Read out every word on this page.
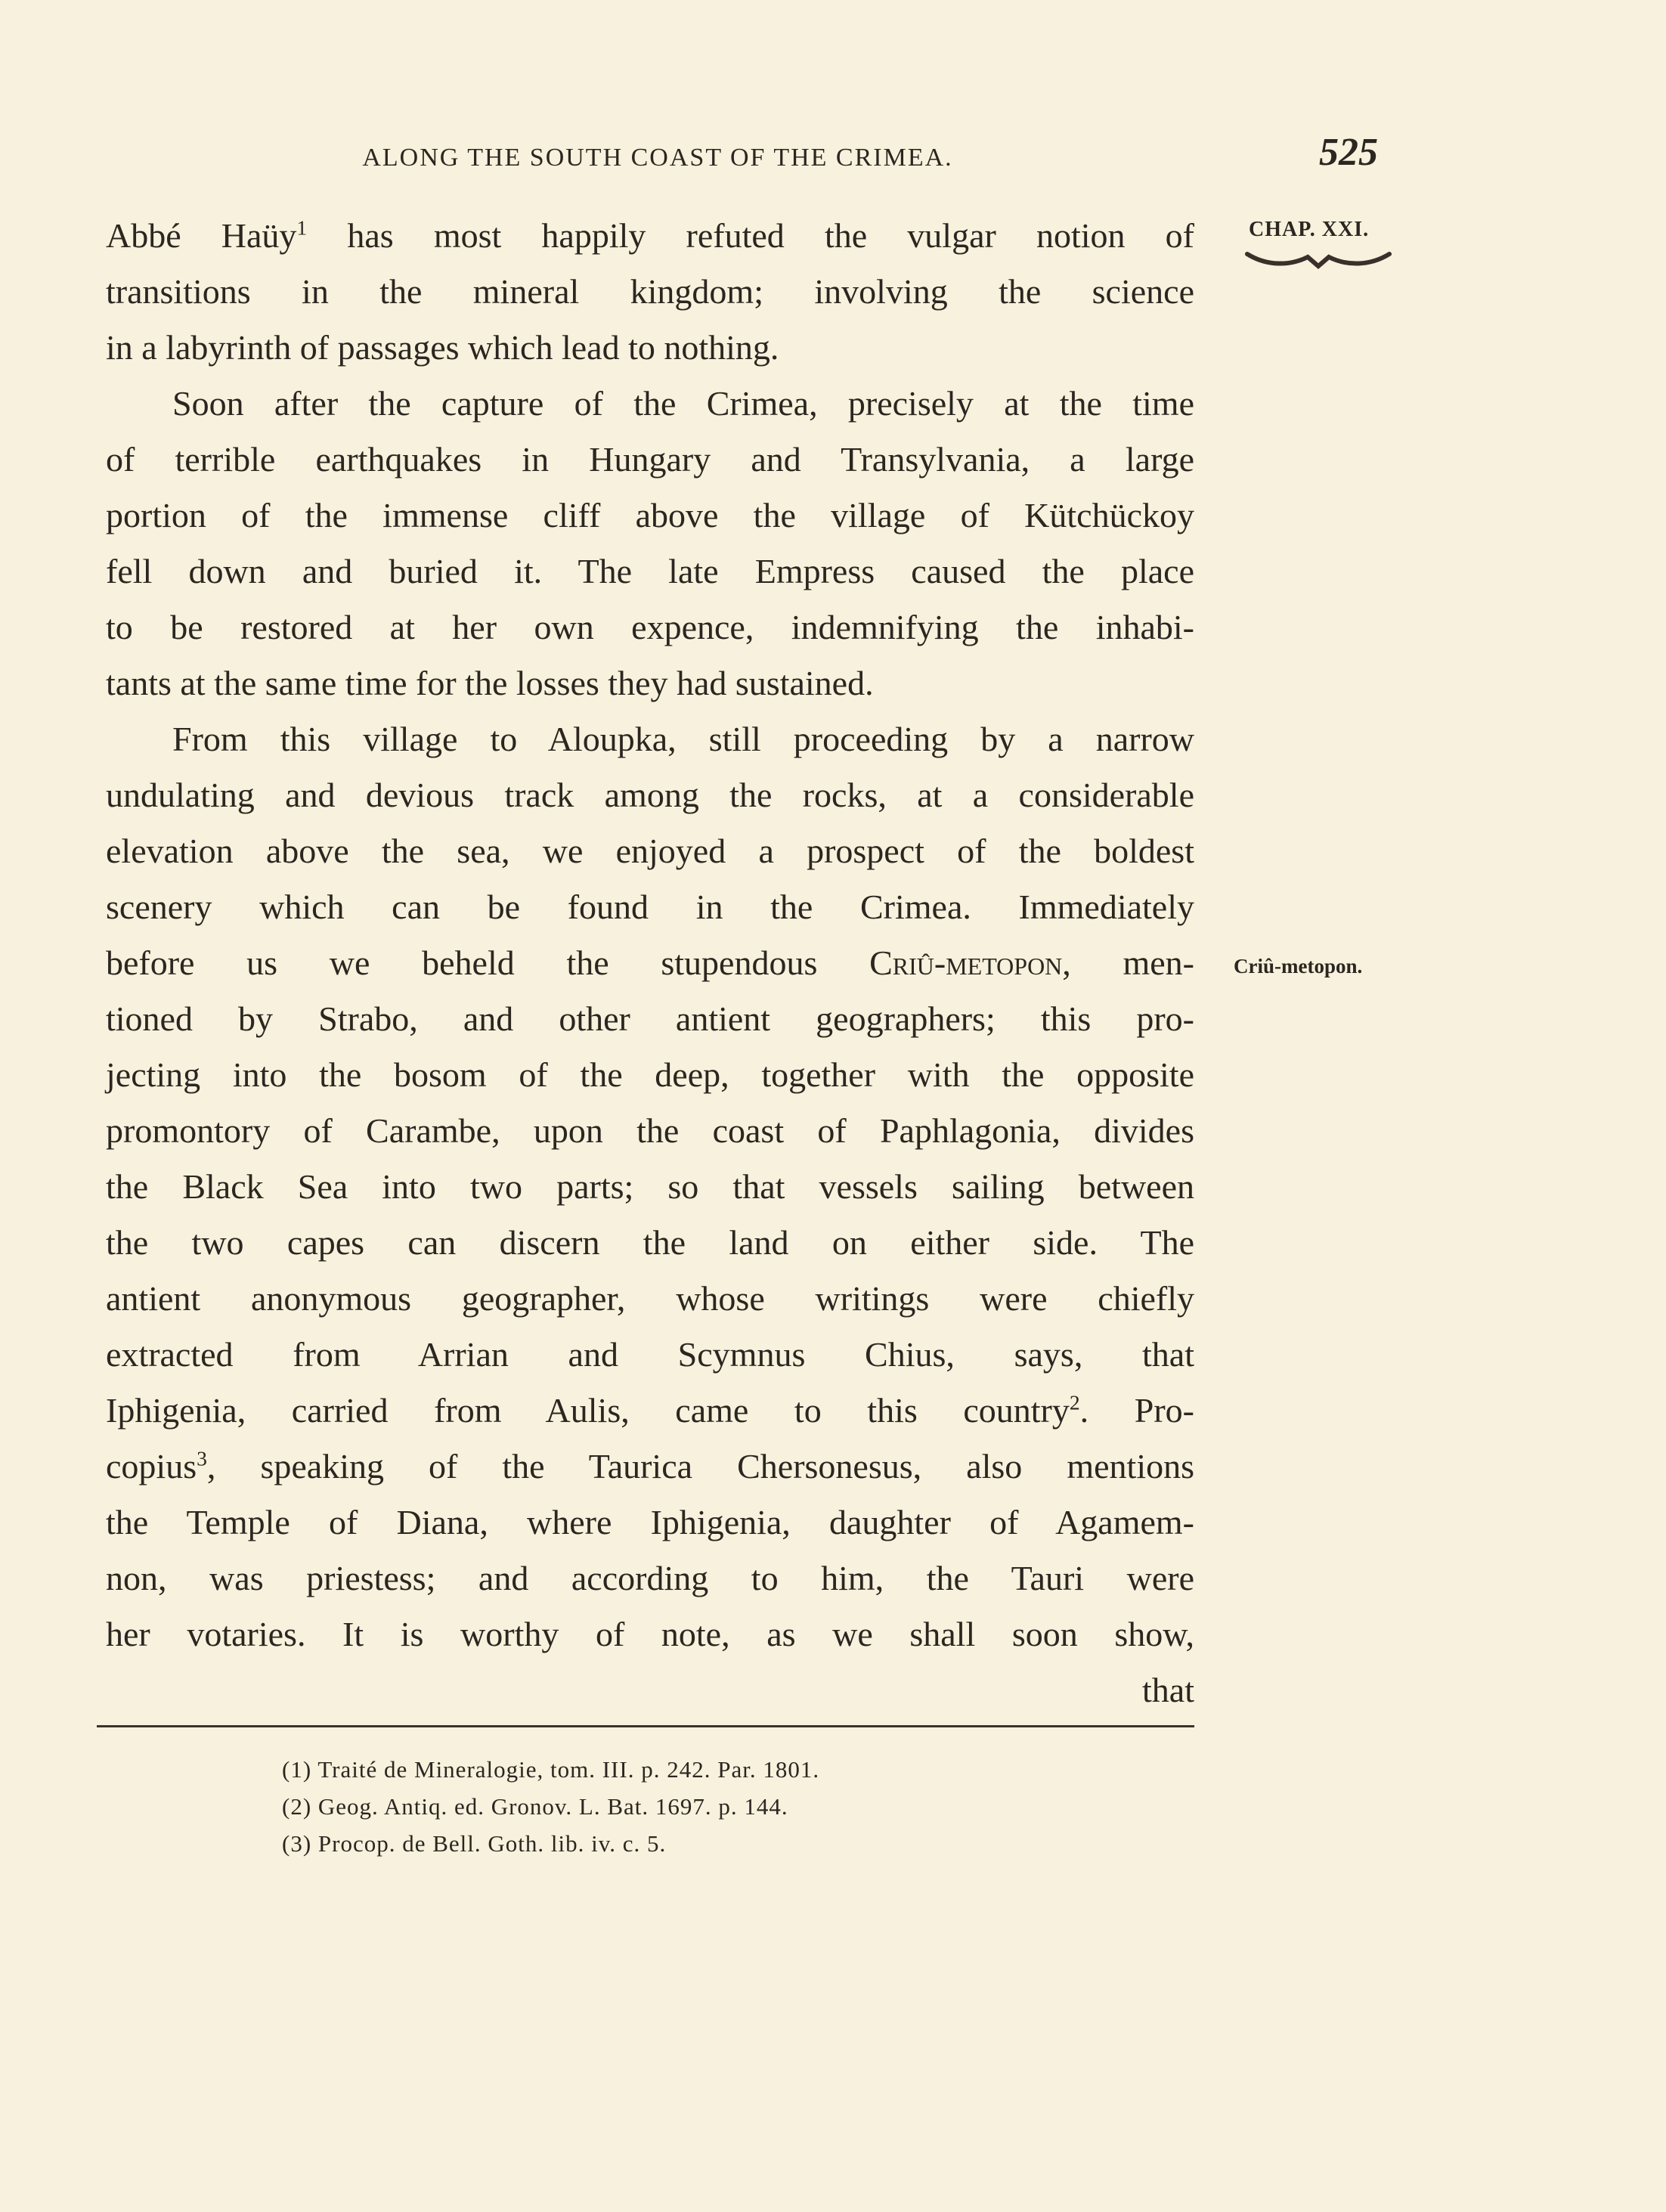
ALONG THE SOUTH COAST OF THE CRIMEA.	525
CHAP. XXI.
Criû-metopon.
Abbé Haüy$^1$ has most happily refuted the vulgar notion of
transitions in the mineral kingdom; involving the science
in a labyrinth of passages which lead to nothing.
Soon after the capture of the Crimea, precisely at the time
of terrible earthquakes in Hungary and Transylvania, a large
portion of the immense cliff above the village of Kütchückoy
fell down and buried it. The late Empress caused the place
to be restored at her own expence, indemnifying the inhabi-
tants at the same time for the losses they had sustained.
From this village to Aloupka, still proceeding by a narrow
undulating and devious track among the rocks, at a considerable
elevation above the sea, we enjoyed a prospect of the boldest
scenery which can be found in the Crimea. Immediately
before us we beheld the stupendous Criû-metopon, men-
tioned by Strabo, and other antient geographers; this pro-
jecting into the bosom of the deep, together with the opposite
promontory of Carambe, upon the coast of Paphlagonia, divides
the Black Sea into two parts; so that vessels sailing between
the two capes can discern the land on either side. The
antient anonymous geographer, whose writings were chiefly
extracted from Arrian and Scymnus Chius, says, that
Iphigenia, carried from Aulis, came to this country$^2$. Pro-
copius$^3$, speaking of the Taurica Chersonesus, also mentions
the Temple of Diana, where Iphigenia, daughter of Agamem-
non, was priestess; and according to him, the Tauri were
her votaries. It is worthy of note, as we shall soon show,
that
(1) Traité de Mineralogie, tom. III. p. 242. Par. 1801.
(2) Geog. Antiq. ed. Gronov. L. Bat. 1697. p. 144.
(3) Procop. de Bell. Goth. lib. iv. c. 5.
